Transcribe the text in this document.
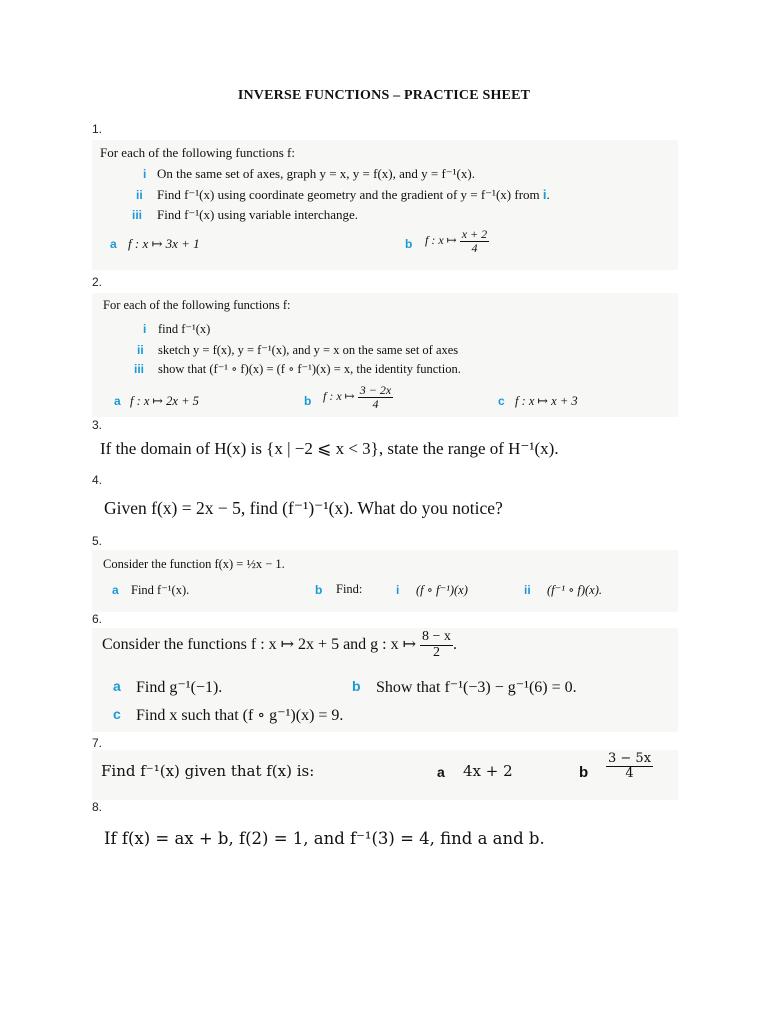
INVERSE FUNCTIONS – PRACTICE SHEET
1.
For each of the following functions f:
i On the same set of axes, graph y = x, y = f(x), and y = f⁻¹(x).
ii Find f⁻¹(x) using coordinate geometry and the gradient of y = f⁻¹(x) from i.
iii Find f⁻¹(x) using variable interchange.
a f : x ↦ 3x + 1	b f : x ↦ $\frac{x + 2}{4}$
2.
For each of the following functions f:
i find f⁻¹(x)
ii sketch y = f(x), y = f⁻¹(x), and y = x on the same set of axes
iii show that (f⁻¹ ∘ f)(x) = (f ∘ f⁻¹)(x) = x, the identity function.
a f : x ↦ 2x + 5	b f : x ↦ $\frac{3 - 2x}{4}$	c f : x ↦ x + 3
3.
If the domain of H(x) is {x | −2 ⩽ x < 3}, state the range of H⁻¹(x).
4.
Given f(x) = 2x − 5, find (f⁻¹)⁻¹(x). What do you notice?
5.
Consider the function f(x) = ½x − 1.
a Find f⁻¹(x).	b Find:	i (f ∘ f⁻¹)(x)	ii (f⁻¹ ∘ f)(x).
6.
Consider the functions f : x ↦ 2x + 5 and g : x ↦ $\frac{8 - x}{2}$ .
a Find g⁻¹(−1).	b Show that f⁻¹(−3) − g⁻¹(6) = 0.
c Find x such that (f ∘ g⁻¹)(x) = 9.
7.
Find f⁻¹(x) given that f(x) is:	a 4x + 2	b $\frac{3 - 5x}{4}$
8.
If f(x) = ax + b, f(2) = 1, and f⁻¹(3) = 4, find a and b.
